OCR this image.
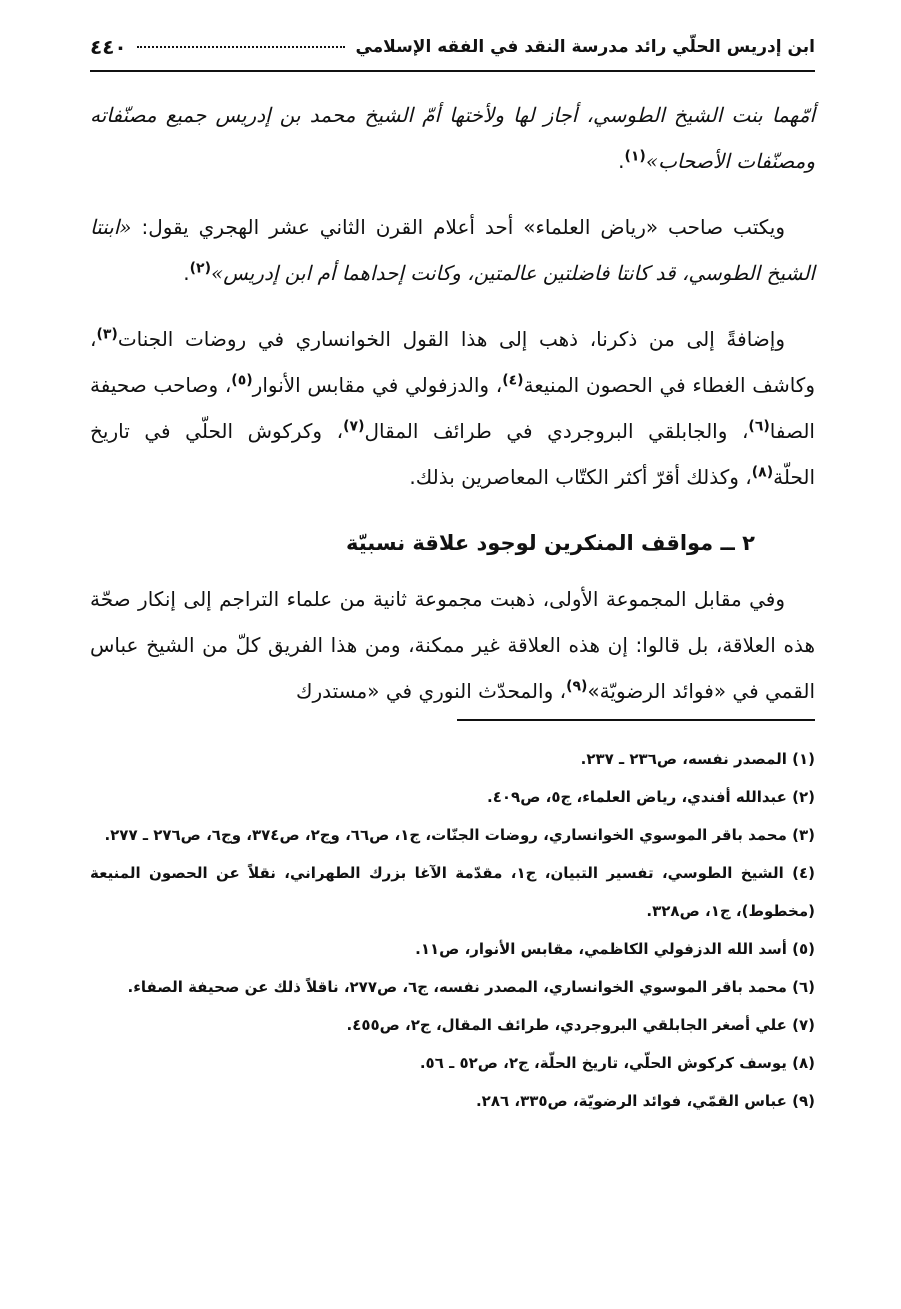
ابن إدريس الحلّي رائد مدرسة النقد في الفقه الإسلامي
٤٤٠

أمّهما بنت الشيخ الطوسي، أجاز لها ولأختها أمّ الشيخ محمد بن إدريس جميع مصنّفاته ومصنّفات الأصحاب»$^{(١)}$.

ويكتب صاحب «رياض العلماء» أحد أعلام القرن الثاني عشر الهجري يقول: «ابنتا الشيخ الطوسي، قد كانتا فاضلتين عالمتين، وكانت إحداهما أم ابن إدريس»$^{(٢)}$.

وإضافةً إلى من ذكرنا، ذهب إلى هذا القول الخوانساري في روضات الجنات$^{(٣)}$، وكاشف الغطاء في الحصون المنيعة$^{(٤)}$، والدزفولي في مقابس الأنوار$^{(٥)}$، وصاحب صحيفة الصفا$^{(٦)}$، والجابلقي البروجردي في طرائف المقال$^{(٧)}$، وكركوش الحلّي في تاريخ الحلّة$^{(٨)}$، وكذلك أقرّ أكثر الكتّاب المعاصرين بذلك.

٢ ــ مواقف المنكرين لوجود علاقة نسبيّة

وفي مقابل المجموعة الأولى، ذهبت مجموعة ثانية من علماء التراجم إلى إنكار صحّة هذه العلاقة، بل قالوا: إن هذه العلاقة غير ممكنة، ومن هذا الفريق كلّ من الشيخ عباس القمي في «فوائد الرضويّة»$^{(٩)}$، والمحدّث النوري في «مستدرك

(١) المصدر نفسه، ص٢٣٦ ـ ٢٣٧.
(٢) عبدالله أفندي، رياض العلماء، ج٥، ص٤٠٩.
(٣) محمد باقر الموسوي الخوانساري، روضات الجنّات، ج١، ص٦٦، وج٢، ص٣٧٤، وج٦، ص٢٧٦ ـ ٢٧٧.
(٤) الشيخ الطوسي، تفسير التبيان، ج١، مقدّمة الآغا بزرك الطهراني، نقلاً عن الحصون المنيعة (مخطوط)، ج١، ص٣٢٨.
(٥) أسد الله الدزفولي الكاظمي، مقابس الأنوار، ص١١.
(٦) محمد باقر الموسوي الخوانساري، المصدر نفسه، ج٦، ص٢٧٧، ناقلاً ذلك عن صحيفة الصفاء.
(٧) علي أصغر الجابلقي البروجردي، طرائف المقال، ج٢، ص٤٥٥.
(٨) يوسف كركوش الحلّي، تاريخ الحلّة، ج٢، ص٥٢ ـ ٥٦.
(٩) عباس القمّي، فوائد الرضويّة، ص٣٣٥، ٢٨٦.
